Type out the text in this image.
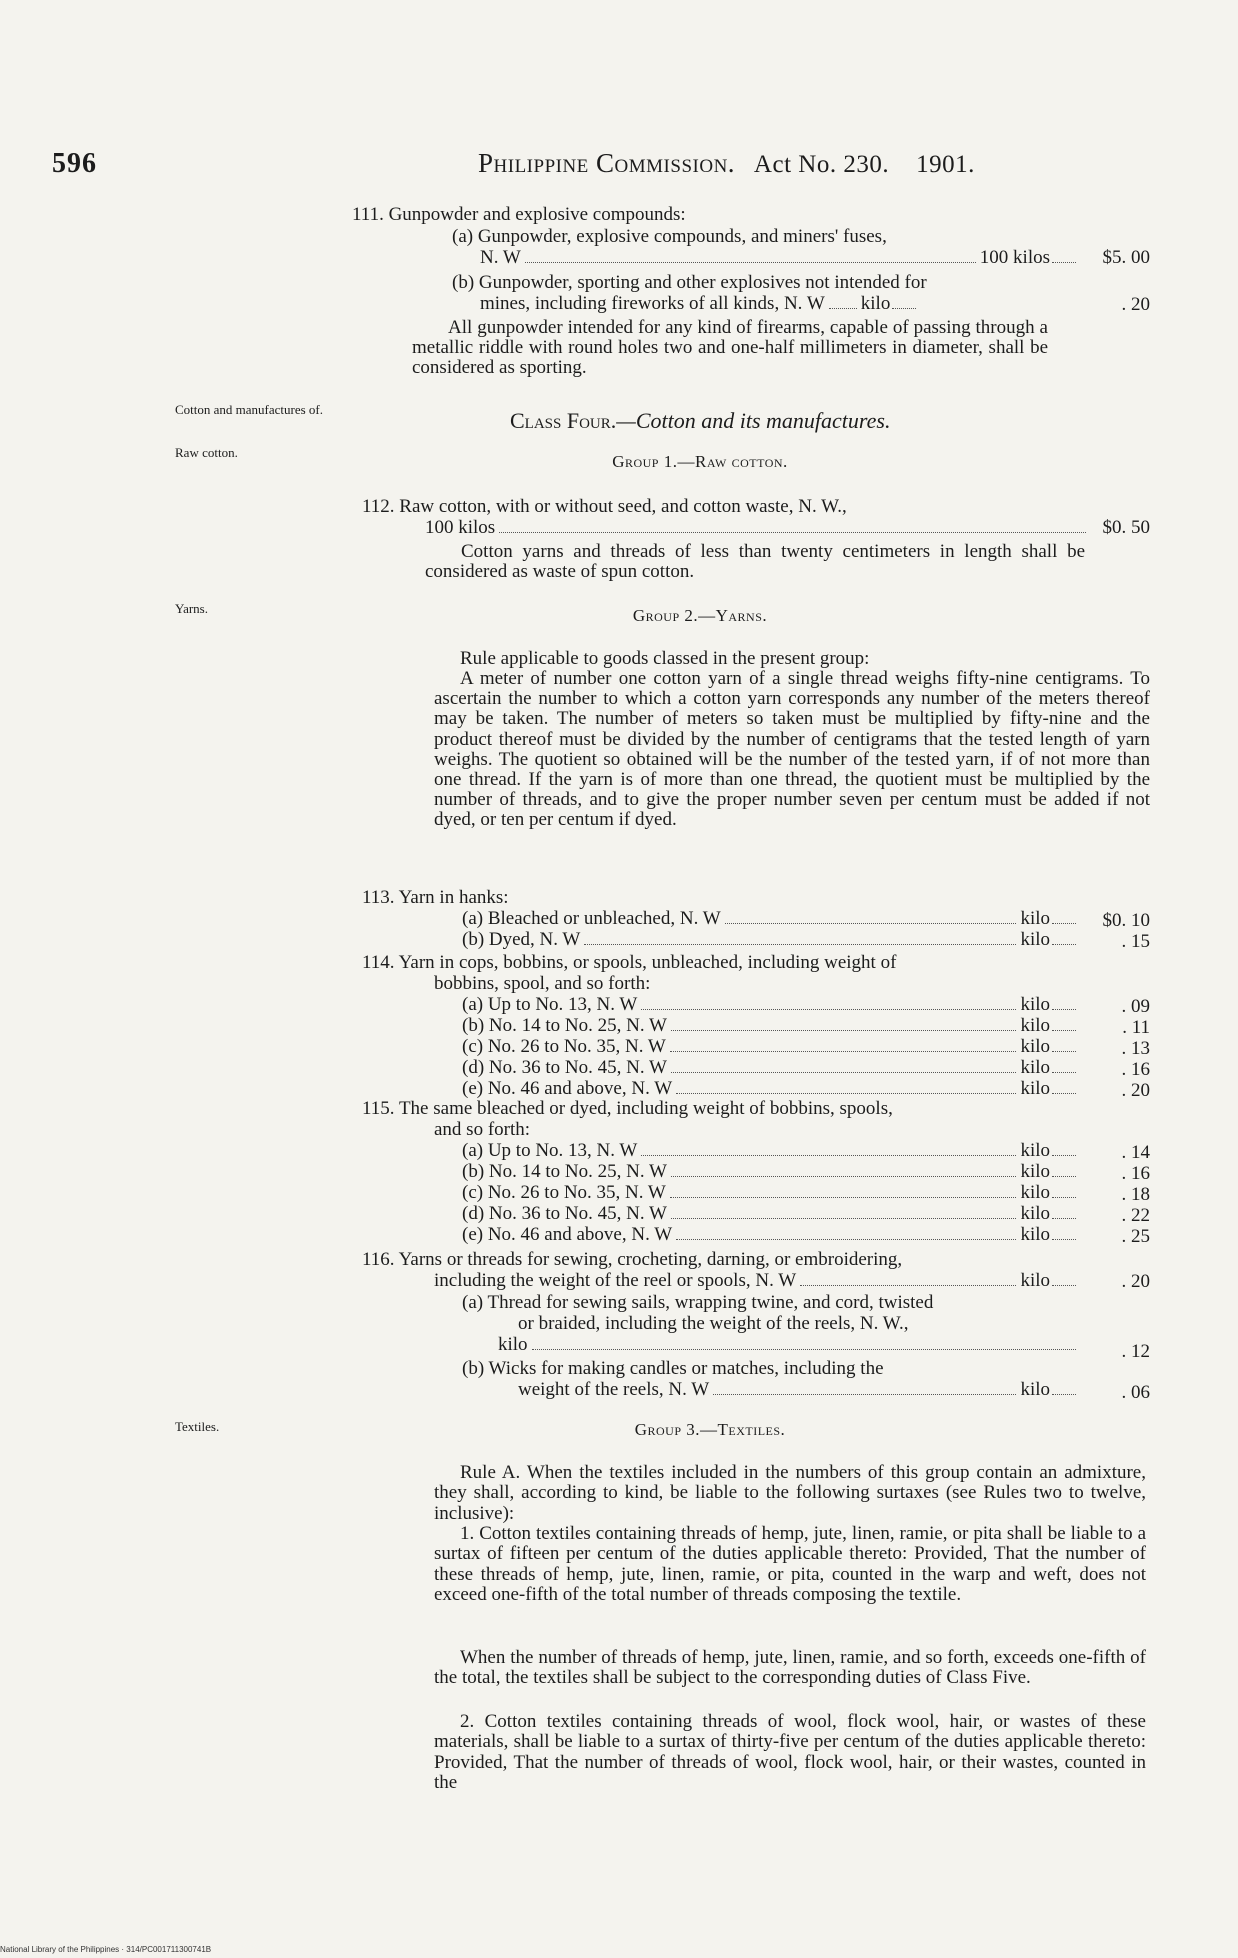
596	Philippine Commission. Act No. 230. 1901.
111. Gunpowder and explosive compounds:
(a) Gunpowder, explosive compounds, and miners' fuses,
N. W	100 kilos	$5. 00
(b) Gunpowder, sporting and other explosives not intended for
mines, including fireworks of all kinds, N. W kilo	. 20
All gunpowder intended for any kind of firearms, capable of passing through a metallic riddle with round holes two and one-half millimeters in diameter, shall be considered as sporting.
Cotton and manufactures of.	Class Four.—Cotton and its manufactures.
Raw cotton.	Group 1.—Raw cotton.
112. Raw cotton, with or without seed, and cotton waste, N. W.,
100 kilos	$0. 50
Cotton yarns and threads of less than twenty centimeters in length shall be considered as waste of spun cotton.
Yarns.	Group 2.—Yarns.
Rule applicable to goods classed in the present group:
A meter of number one cotton yarn of a single thread weighs fifty-nine centigrams. To ascertain the number to which a cotton yarn corresponds any number of the meters thereof may be taken. The number of meters so taken must be multiplied by fifty-nine and the product thereof must be divided by the number of centigrams that the tested length of yarn weighs. The quotient so obtained will be the number of the tested yarn, if of not more than one thread. If the yarn is of more than one thread, the quotient must be multiplied by the number of threads, and to give the proper number seven per centum must be added if not dyed, or ten per centum if dyed.
113. Yarn in hanks:
(a) Bleached or unbleached, N. W	kilo	$0. 10
(b) Dyed, N. W	kilo	. 15
114. Yarn in cops, bobbins, or spools, unbleached, including weight of
bobbins, spool, and so forth:
(a) Up to No. 13, N. W	kilo	. 09
(b) No. 14 to No. 25, N. W	kilo	. 11
(c) No. 26 to No. 35, N. W	kilo	. 13
(d) No. 36 to No. 45, N. W	kilo	. 16
(e) No. 46 and above, N. W	kilo	. 20
115. The same bleached or dyed, including weight of bobbins, spools,
and so forth:
(a) Up to No. 13, N. W	kilo	. 14
(b) No. 14 to No. 25, N. W	kilo	. 16
(c) No. 26 to No. 35, N. W	kilo	. 18
(d) No. 36 to No. 45, N. W	kilo	. 22
(e) No. 46 and above, N. W	kilo	. 25
116. Yarns or threads for sewing, crocheting, darning, or embroidering,
including the weight of the reel or spools, N. W	kilo	. 20
(a) Thread for sewing sails, wrapping twine, and cord, twisted
or braided, including the weight of the reels, N. W.,
kilo	. 12
(b) Wicks for making candles or matches, including the
weight of the reels, N. W	kilo	. 06
Textiles.	Group 3.—Textiles.
Rule A. When the textiles included in the numbers of this group contain an admixture, they shall, according to kind, be liable to the following surtaxes (see Rules two to twelve, inclusive):
1. Cotton textiles containing threads of hemp, jute, linen, ramie, or pita shall be liable to a surtax of fifteen per centum of the duties applicable thereto: Provided, That the number of these threads of hemp, jute, linen, ramie, or pita, counted in the warp and weft, does not exceed one-fifth of the total number of threads composing the textile.
When the number of threads of hemp, jute, linen, ramie, and so forth, exceeds one-fifth of the total, the textiles shall be subject to the corresponding duties of Class Five.
2. Cotton textiles containing threads of wool, flock wool, hair, or wastes of these materials, shall be liable to a surtax of thirty-five per centum of the duties applicable thereto: Provided, That the number of threads of wool, flock wool, hair, or their wastes, counted in the
National Library of the Philippines · 314/PC001711300741B
